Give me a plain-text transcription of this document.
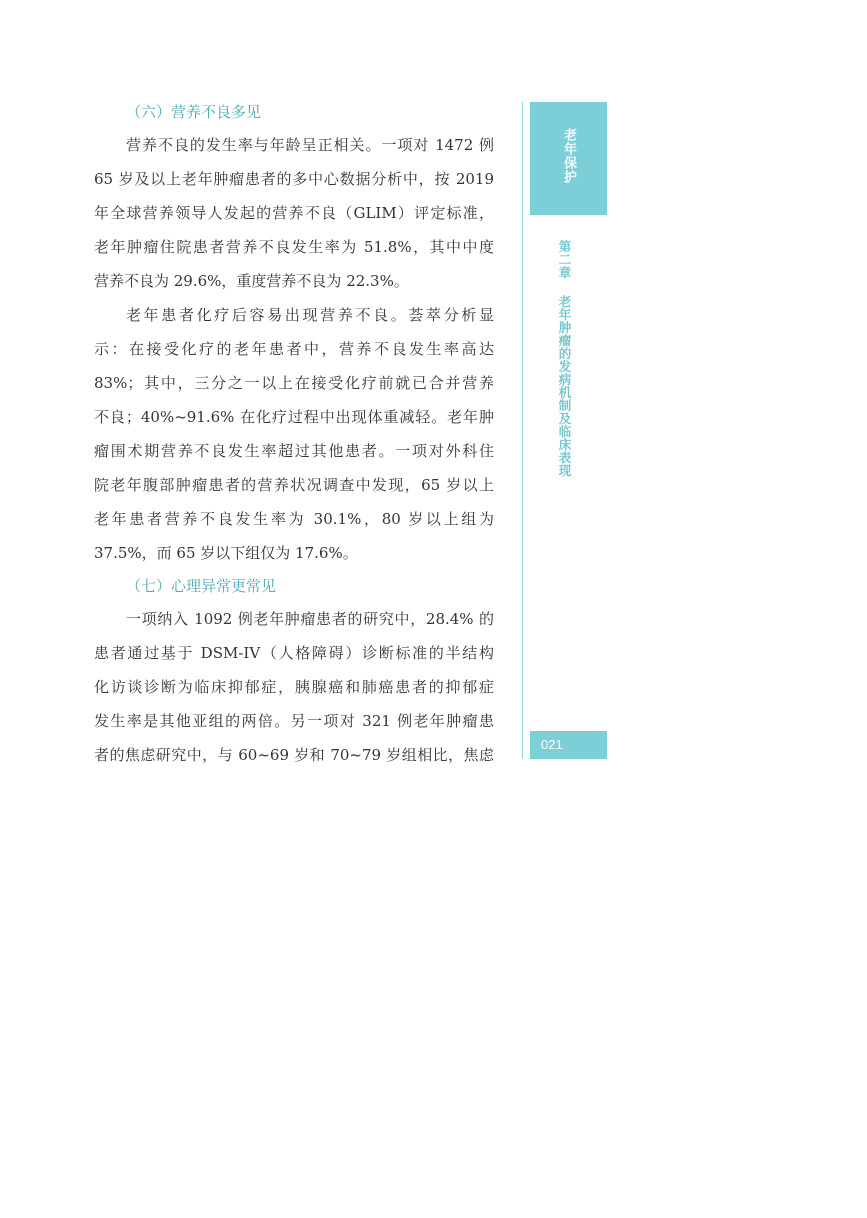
（六）营养不良多见
营养不良的发生率与年龄呈正相关。一项对 1472 例
65 岁及以上老年肿瘤患者的多中心数据分析中，按 2019
年全球营养领导人发起的营养不良（GLIM）评定标准，
老年肿瘤住院患者营养不良发生率为 51.8%，其中中度
营养不良为 29.6%，重度营养不良为 22.3%。
老年患者化疗后容易出现营养不良。荟萃分析显
示：在接受化疗的老年患者中，营养不良发生率高达
83%；其中，三分之一以上在接受化疗前就已合并营养
不良；40%~91.6% 在化疗过程中出现体重减轻。老年肿
瘤围术期营养不良发生率超过其他患者。一项对外科住
院老年腹部肿瘤患者的营养状况调查中发现，65 岁以上
老年患者营养不良发生率为 30.1%，80 岁以上组为
37.5%，而 65 岁以下组仅为 17.6%。
（七）心理异常更常见
一项纳入 1092 例老年肿瘤患者的研究中，28.4% 的
患者通过基于 DSM-IV（人格障碍）诊断标准的半结构
化访谈诊断为临床抑郁症，胰腺癌和肺癌患者的抑郁症
发生率是其他亚组的两倍。另一项对 321 例老年肿瘤患
者的焦虑研究中，与 60~69 岁和 70~79 岁组相比，焦虑
老年保护
第二章老年肿瘤的发病机制及临床表现
021
